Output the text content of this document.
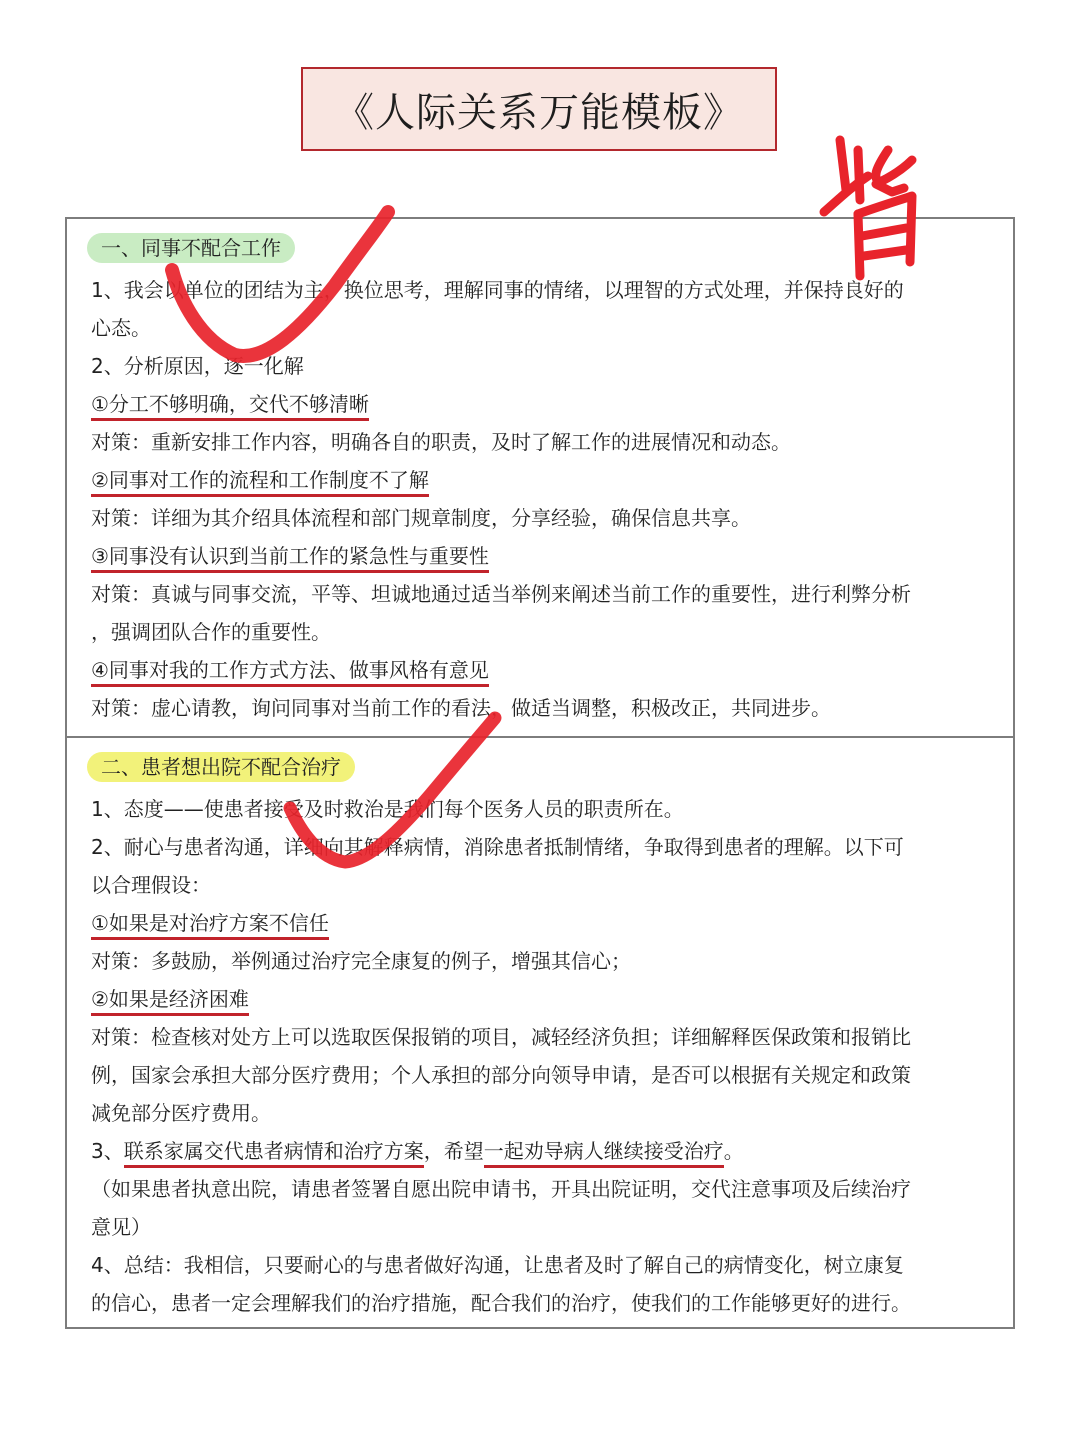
《人际关系万能模板》
一、同事不配合工作
1、我会以单位的团结为主，换位思考，理解同事的情绪，以理智的方式处理，并保持良好的
心态。
2、分析原因，逐一化解
①分工不够明确，交代不够清晰
对策：重新安排工作内容，明确各自的职责，及时了解工作的进展情况和动态。
②同事对工作的流程和工作制度不了解
对策：详细为其介绍具体流程和部门规章制度，分享经验，确保信息共享。
③同事没有认识到当前工作的紧急性与重要性
对策：真诚与同事交流，平等、坦诚地通过适当举例来阐述当前工作的重要性，进行利弊分析
，强调团队合作的重要性。
④同事对我的工作方式方法、做事风格有意见
对策：虚心请教，询问同事对当前工作的看法，做适当调整，积极改正，共同进步。
二、患者想出院不配合治疗
1、态度——使患者接受及时救治是我们每个医务人员的职责所在。
2、耐心与患者沟通，详细向其解释病情，消除患者抵制情绪，争取得到患者的理解。以下可
以合理假设：
①如果是对治疗方案不信任
对策：多鼓励，举例通过治疗完全康复的例子，增强其信心；
②如果是经济困难
对策：检查核对处方上可以选取医保报销的项目，减轻经济负担；详细解释医保政策和报销比
例，国家会承担大部分医疗费用；个人承担的部分向领导申请，是否可以根据有关规定和政策
减免部分医疗费用。
3、联系家属交代患者病情和治疗方案，希望一起劝导病人继续接受治疗。
（如果患者执意出院，请患者签署自愿出院申请书，开具出院证明，交代注意事项及后续治疗
意见）
4、总结：我相信，只要耐心的与患者做好沟通，让患者及时了解自己的病情变化，树立康复
的信心，患者一定会理解我们的治疗措施，配合我们的治疗，使我们的工作能够更好的进行。
